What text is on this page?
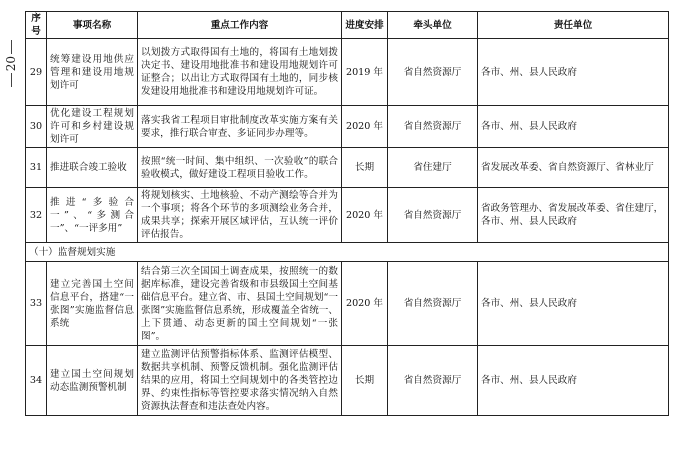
20
序号	事项名称	重点工作内容	进度安排	牵头单位	责任单位
29	统筹建设用地供应管理和建设用地规划许可	以划拨方式取得国有土地的，将国有土地划拨决定书、建设用地批准书和建设用地规划许可证整合；以出让方式取得国有土地的，同步核发建设用地批准书和建设用地规划许可证。	2019 年	省自然资源厅	各市、州、县人民政府
30	优化建设工程规划许可和乡村建设规划许可	落实我省工程项目审批制度改革实施方案有关要求，推行联合审查、多证同步办理等。	2020 年	省自然资源厅	各市、州、县人民政府
31	推进联合竣工验收	按照“统一时间、集中组织、一次验收”的联合验收模式，做好建设工程项目验收工作。	长期	省住建厅	省发展改革委、省自然资源厅、省林业厅
32	推进“多验合一”、“多测合一”、“一评多用”	将规划核实、土地核验、不动产测绘等合并为一个事项；将各个环节的多项测绘业务合并，成果共享；探索开展区域评估，互认统一评价评估报告。	2020 年	省自然资源厅	省政务管理办、省发展改革委、省住建厅，各市、州、县人民政府
（十）监督规划实施					
33	建立完善国土空间信息平台，搭建“一张图”实施监督信息系统	结合第三次全国国土调查成果，按照统一的数据库标准，建设完善省级和市县级国土空间基础信息平台。建立省、市、县国土空间规划“一张图”实施监督信息系统，形成覆盖全省统一、上下贯通、动态更新的国土空间规划“一张图”。	2020 年	省自然资源厅	各市、州、县人民政府
34	建立国土空间规划动态监测预警机制	建立监测评估预警指标体系、监测评估模型、数据共享机制、预警反馈机制。强化监测评估结果的应用，将国土空间规划中的各类管控边界、约束性指标等管控要求落实情况纳入自然资源执法督查和违法查处内容。	长期	省自然资源厅	各市、州、县人民政府
